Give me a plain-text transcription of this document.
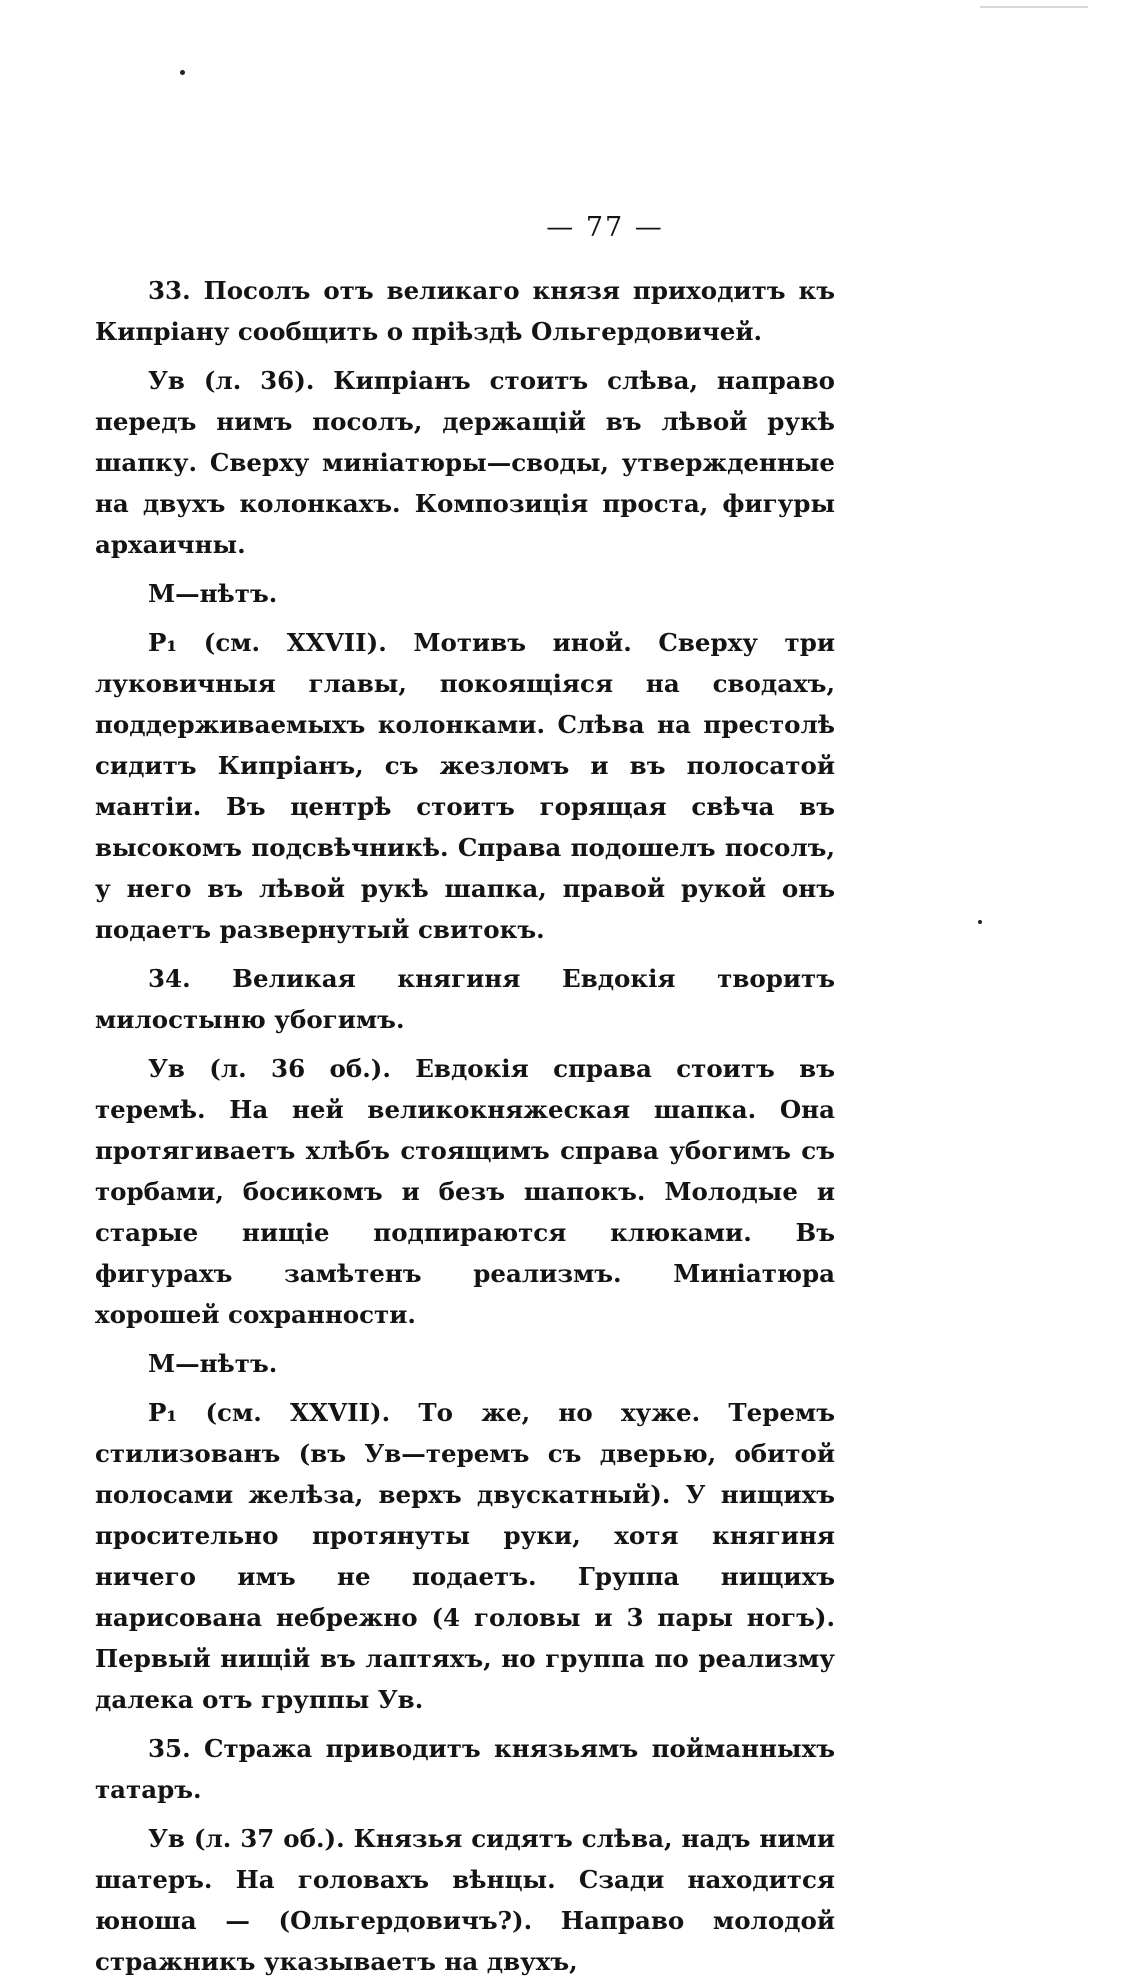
— 77 —

33. Посолъ отъ великаго князя приходитъ къ Кипріану сообщить о пріѣздѣ Ольгердовичей.

Ув (л. 36). Кипріанъ стоитъ слѣва, направо передъ нимъ посолъ, держащій въ лѣвой рукѣ шапку. Сверху миніатюры—своды, утвержденные на двухъ колонкахъ. Композиція проста, фигуры архаичны.

М—нѣтъ.

P₁ (см. XXVII). Мотивъ иной. Сверху три луковичныя главы, покоящіяся на сводахъ, поддерживаемыхъ колонками. Слѣва на престолѣ сидитъ Кипріанъ, съ жезломъ и въ полосатой мантіи. Въ центрѣ стоитъ горящая свѣча въ высокомъ подсвѣчникѣ. Справа подошелъ посолъ, у него въ лѣвой рукѣ шапка, правой рукой онъ подаетъ развернутый свитокъ.

34. Великая княгиня Евдокія творитъ милостыню убогимъ.

Ув (л. 36 об.). Евдокія справа стоитъ въ теремѣ. На ней великокняжеская шапка. Она протягиваетъ хлѣбъ стоящимъ справа убогимъ съ торбами, босикомъ и безъ шапокъ. Молодые и старые нищіе подпираются клюками. Въ фигурахъ замѣтенъ реализмъ. Миніатюра хорошей сохранности.

М—нѣтъ.

P₁ (см. XXVII). То же, но хуже. Теремъ стилизованъ (въ Ув—теремъ съ дверью, обитой полосами желѣза, верхъ двускатный). У нищихъ просительно протянуты руки, хотя княгиня ничего имъ не подаетъ. Группа нищихъ нарисована небрежно (4 головы и 3 пары ногъ). Первый нищій въ лаптяхъ, но группа по реализму далека отъ группы Ув.

35. Стража приводитъ князьямъ пойманныхъ татаръ.

Ув (л. 37 об.). Князья сидятъ слѣва, надъ ними шатеръ. На головахъ вѣнцы. Сзади находится юноша — (Ольгердовичъ?). Направо молодой стражникъ указываетъ на двухъ,
